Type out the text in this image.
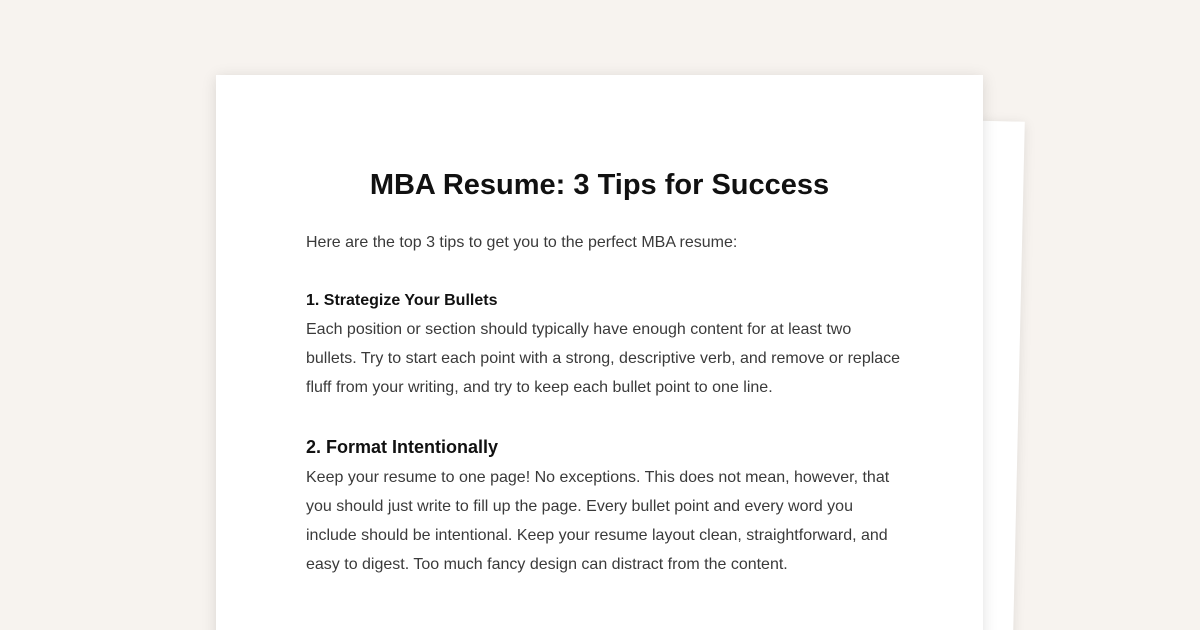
MBA Resume: 3 Tips for Success

Here are the top 3 tips to get you to the perfect MBA resume:

1. Strategize Your Bullets

Each position or section should typically have enough content for at least two bullets. Try to start each point with a strong, descriptive verb, and remove or replace fluff from your writing, and try to keep each bullet point to one line.

2. Format Intentionally

Keep your resume to one page! No exceptions. This does not mean, however, that you should just write to fill up the page. Every bullet point and every word you include should be intentional. Keep your resume layout clean, straightforward, and easy to digest. Too much fancy design can distract from the content.
